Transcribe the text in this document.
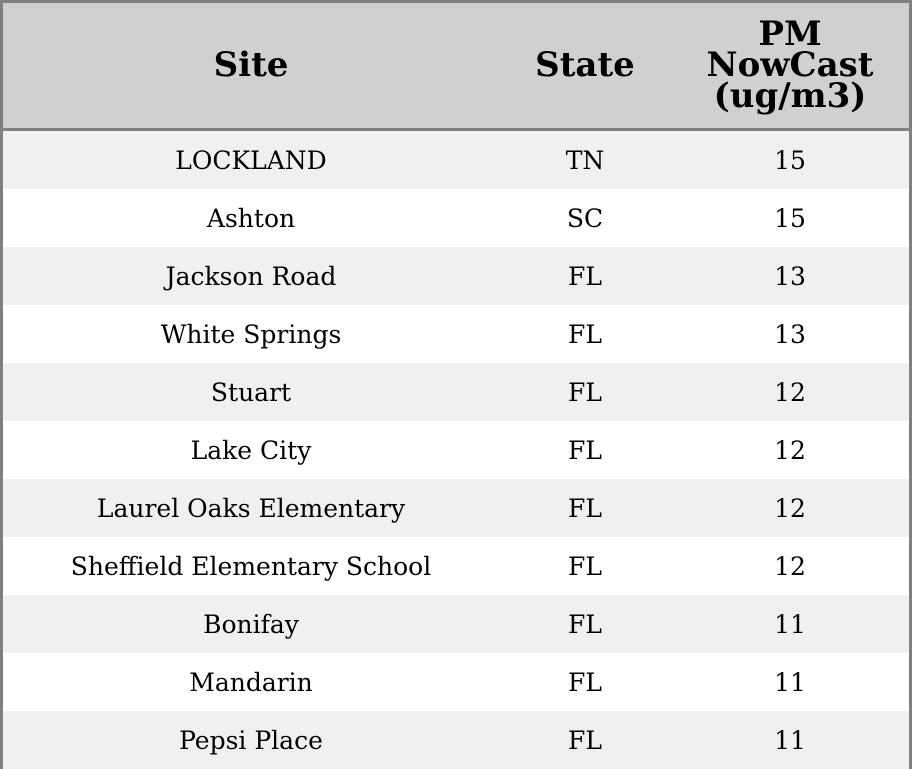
Site	State	PM
NowCast
(ug/m3)

LOCKLAND	TN	15
Ashton	SC	15
Jackson Road	FL	13
White Springs	FL	13
Stuart	FL	12
Lake City	FL	12
Laurel Oaks Elementary	FL	12
Sheffield Elementary School	FL	12
Bonifay	FL	11
Mandarin	FL	11
Pepsi Place	FL	11
